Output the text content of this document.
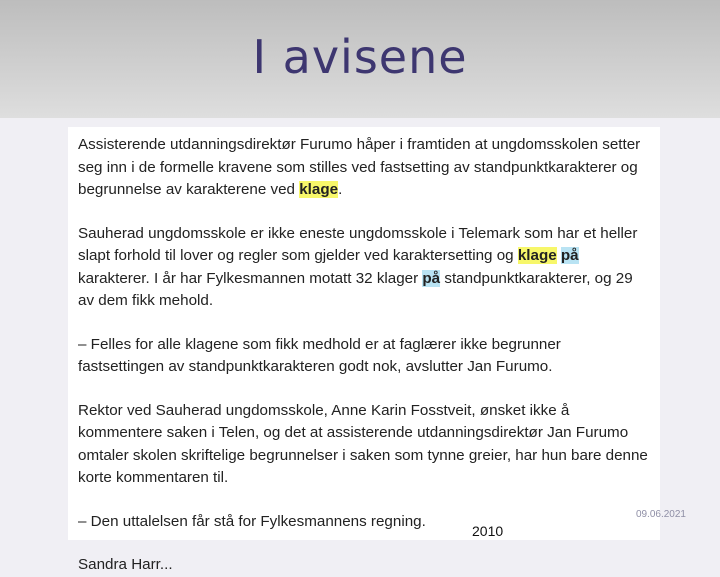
I avisene

Assisterende utdanningsdirektør Furumo håper i framtiden at ungdomsskolen setter seg inn i de formelle kravene som stilles ved fastsetting av standpunktkarakterer og begrunnelse av karakterene ved klage.

Sauherad ungdomsskole er ikke eneste ungdomsskole i Telemark som har et heller slapt forhold til lover og regler som gjelder ved karaktersetting og klage på karakterer. I år har Fylkesmannen motatt 32 klager på standpunktkarakterer, og 29 av dem fikk mehold.

– Felles for alle klagene som fikk medhold er at faglærer ikke begrunner fastsettingen av standpunktkarakteren godt nok, avslutter Jan Furumo.

Rektor ved Sauherad ungdomsskole, Anne Karin Fosstveit, ønsket ikke å kommentere saken i Telen, og det at assisterende utdanningsdirektør Jan Furumo omtaler skolen skriftelige begrunnelser i saken som tynne greier, har hun bare denne korte kommentaren til.

– Den uttalelsen får stå for Fylkesmannens regning.

Sandra Harr...

09.06.2021
2010
